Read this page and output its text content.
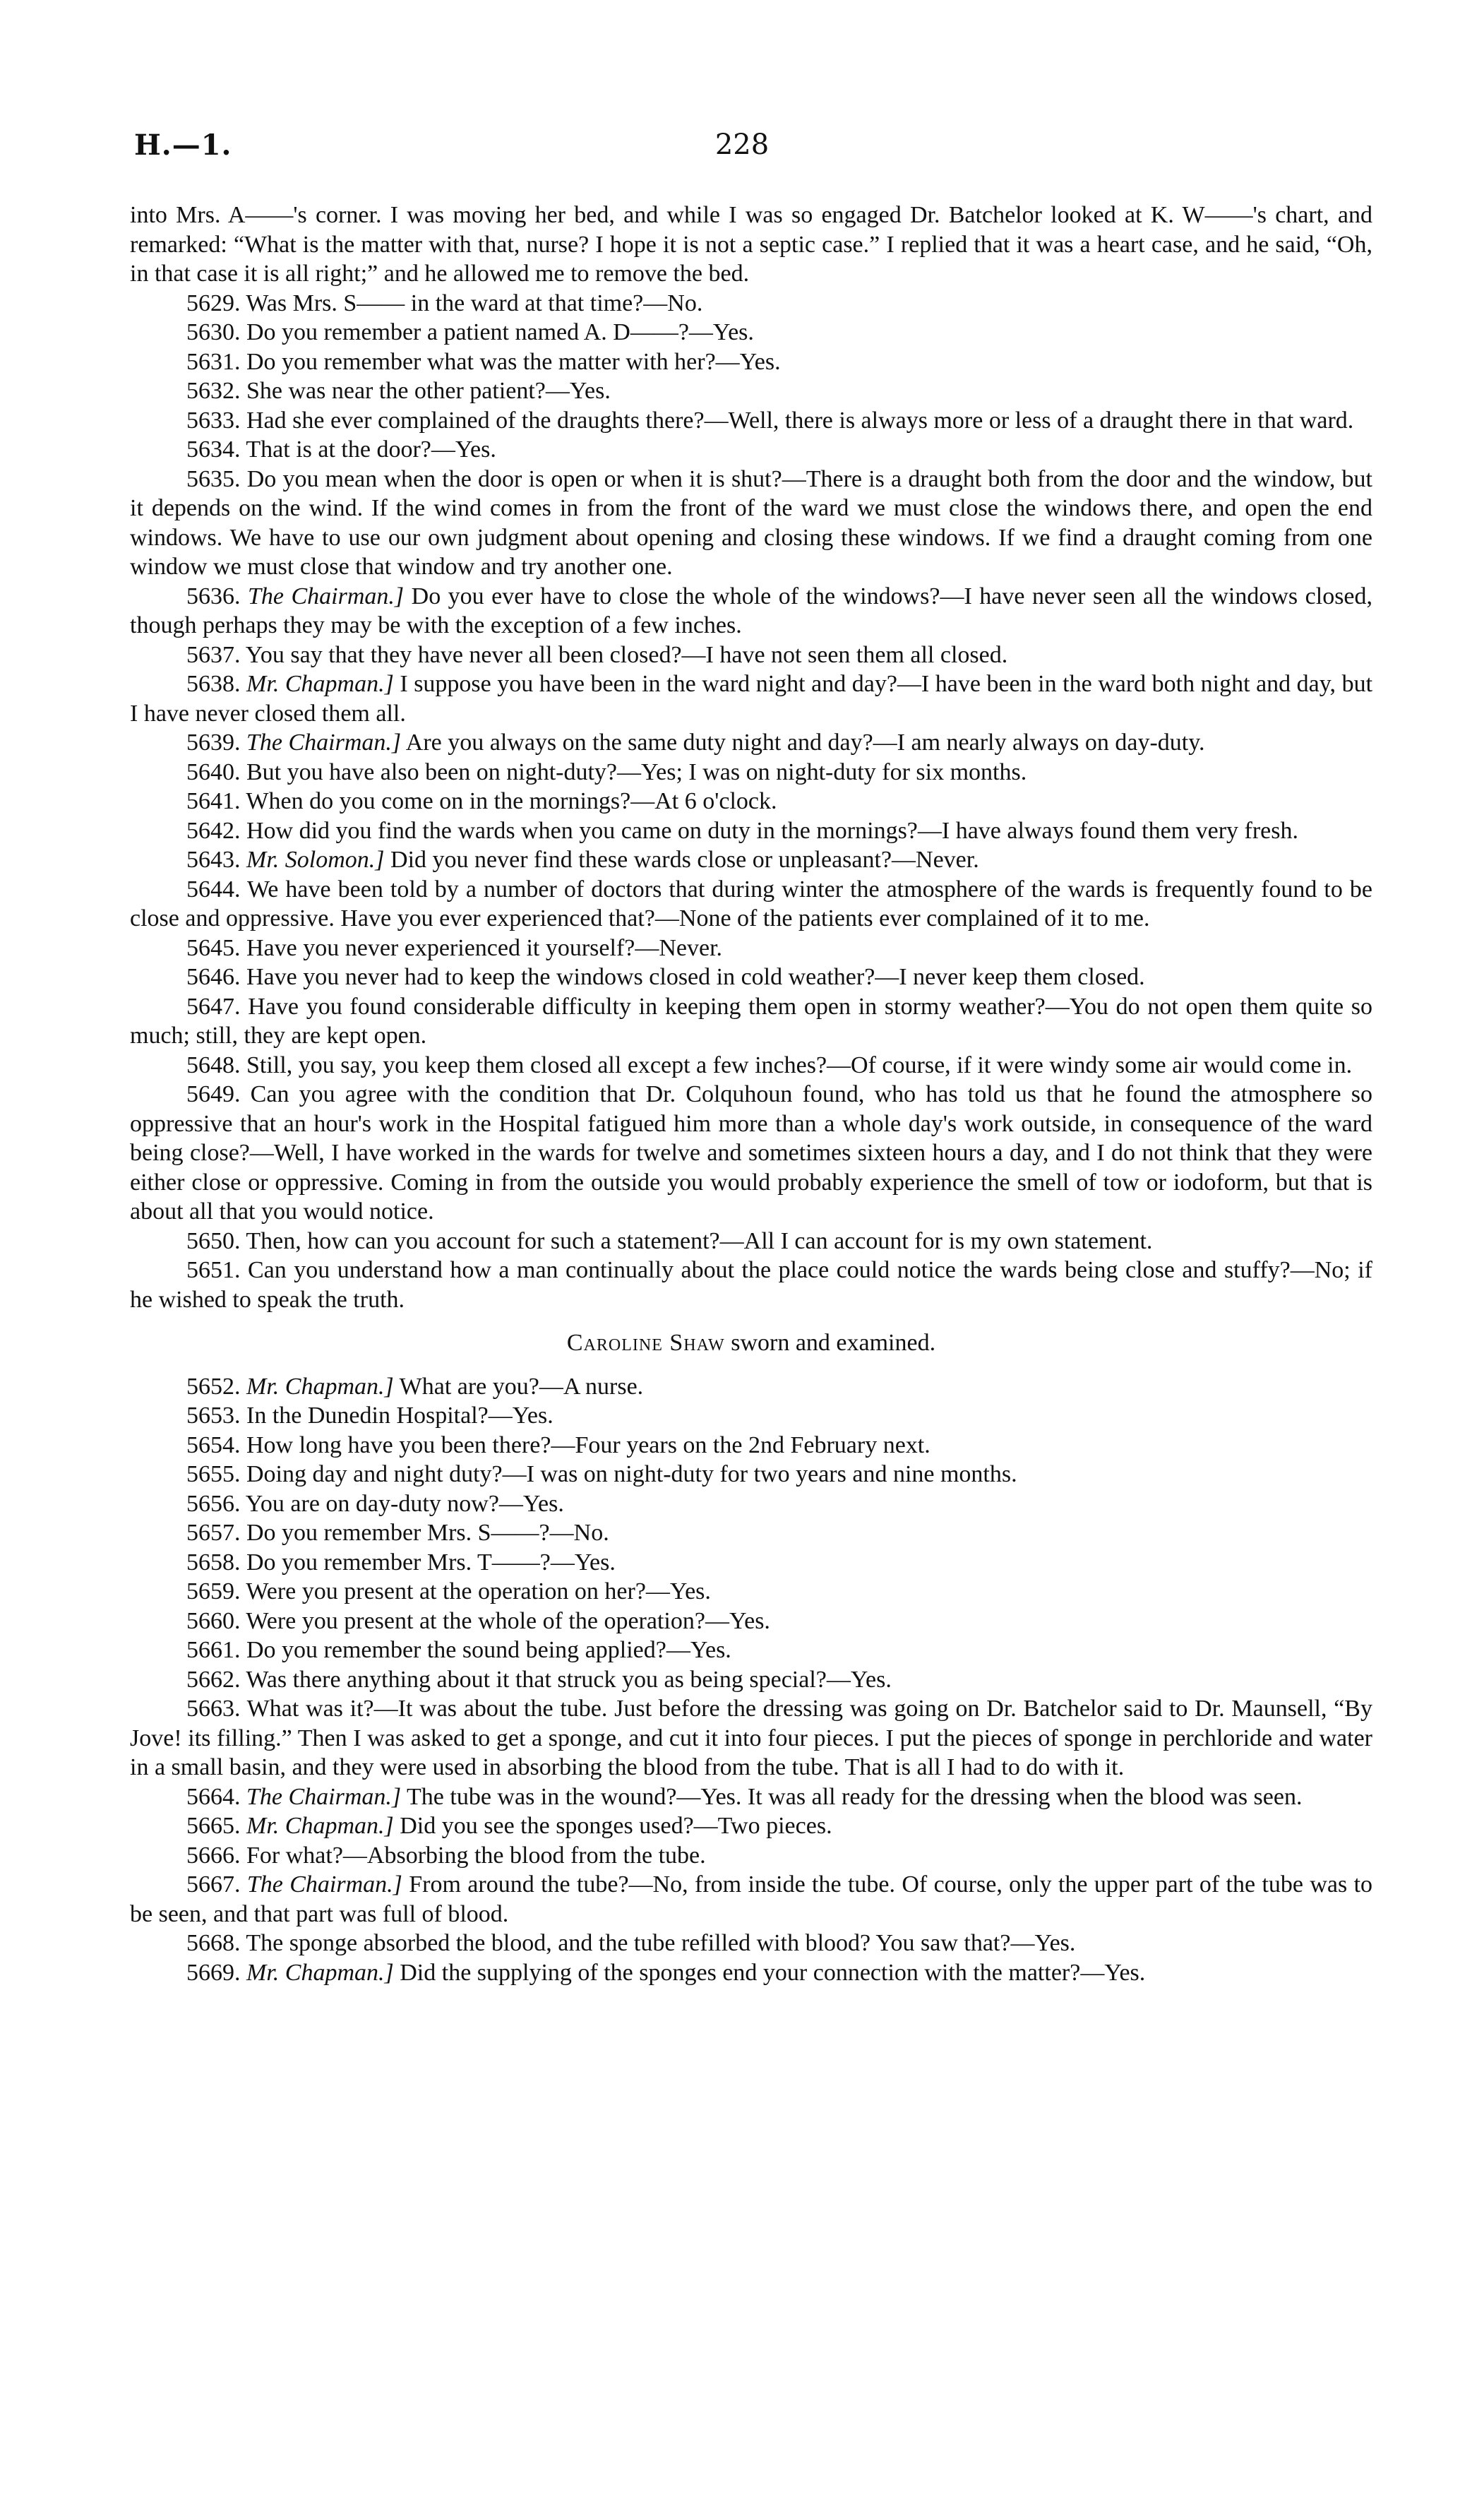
H.—1.	228

into Mrs. A——'s corner. I was moving her bed, and while I was so engaged Dr. Batchelor looked at K. W——'s chart, and remarked: “What is the matter with that, nurse? I hope it is not a septic case.” I replied that it was a heart case, and he said, “Oh, in that case it is all right;” and he allowed me to remove the bed.

5629. Was Mrs. S—— in the ward at that time?—No.

5630. Do you remember a patient named A. D——?—Yes.

5631. Do you remember what was the matter with her?—Yes.

5632. She was near the other patient?—Yes.

5633. Had she ever complained of the draughts there?—Well, there is always more or less of a draught there in that ward.

5634. That is at the door?—Yes.

5635. Do you mean when the door is open or when it is shut?—There is a draught both from the door and the window, but it depends on the wind. If the wind comes in from the front of the ward we must close the windows there, and open the end windows. We have to use our own judgment about opening and closing these windows. If we find a draught coming from one window we must close that window and try another one.

5636. The Chairman.] Do you ever have to close the whole of the windows?—I have never seen all the windows closed, though perhaps they may be with the exception of a few inches.

5637. You say that they have never all been closed?—I have not seen them all closed.

5638. Mr. Chapman.] I suppose you have been in the ward night and day?—I have been in the ward both night and day, but I have never closed them all.

5639. The Chairman.] Are you always on the same duty night and day?—I am nearly always on day-duty.

5640. But you have also been on night-duty?—Yes; I was on night-duty for six months.

5641. When do you come on in the mornings?—At 6 o'clock.

5642. How did you find the wards when you came on duty in the mornings?—I have always found them very fresh.

5643. Mr. Solomon.] Did you never find these wards close or unpleasant?—Never.

5644. We have been told by a number of doctors that during winter the atmosphere of the wards is frequently found to be close and oppressive. Have you ever experienced that?—None of the patients ever complained of it to me.

5645. Have you never experienced it yourself?—Never.

5646. Have you never had to keep the windows closed in cold weather?—I never keep them closed.

5647. Have you found considerable difficulty in keeping them open in stormy weather?—You do not open them quite so much; still, they are kept open.

5648. Still, you say, you keep them closed all except a few inches?—Of course, if it were windy some air would come in.

5649. Can you agree with the condition that Dr. Colquhoun found, who has told us that he found the atmosphere so oppressive that an hour's work in the Hospital fatigued him more than a whole day's work outside, in consequence of the ward being close?—Well, I have worked in the wards for twelve and sometimes sixteen hours a day, and I do not think that they were either close or oppressive. Coming in from the outside you would probably experience the smell of tow or iodoform, but that is about all that you would notice.

5650. Then, how can you account for such a statement?—All I can account for is my own statement.

5651. Can you understand how a man continually about the place could notice the wards being close and stuffy?—No; if he wished to speak the truth.

Caroline Shaw sworn and examined.

5652. Mr. Chapman.] What are you?—A nurse.

5653. In the Dunedin Hospital?—Yes.

5654. How long have you been there?—Four years on the 2nd February next.

5655. Doing day and night duty?—I was on night-duty for two years and nine months.

5656. You are on day-duty now?—Yes.

5657. Do you remember Mrs. S——?—No.

5658. Do you remember Mrs. T——?—Yes.

5659. Were you present at the operation on her?—Yes.

5660. Were you present at the whole of the operation?—Yes.

5661. Do you remember the sound being applied?—Yes.

5662. Was there anything about it that struck you as being special?—Yes.

5663. What was it?—It was about the tube. Just before the dressing was going on Dr. Batchelor said to Dr. Maunsell, “By Jove! its filling.” Then I was asked to get a sponge, and cut it into four pieces. I put the pieces of sponge in perchloride and water in a small basin, and they were used in absorbing the blood from the tube. That is all I had to do with it.

5664. The Chairman.] The tube was in the wound?—Yes. It was all ready for the dressing when the blood was seen.

5665. Mr. Chapman.] Did you see the sponges used?—Two pieces.

5666. For what?—Absorbing the blood from the tube.

5667. The Chairman.] From around the tube?—No, from inside the tube. Of course, only the upper part of the tube was to be seen, and that part was full of blood.

5668. The sponge absorbed the blood, and the tube refilled with blood? You saw that?—Yes.

5669. Mr. Chapman.] Did the supplying of the sponges end your connection with the matter?—Yes.
